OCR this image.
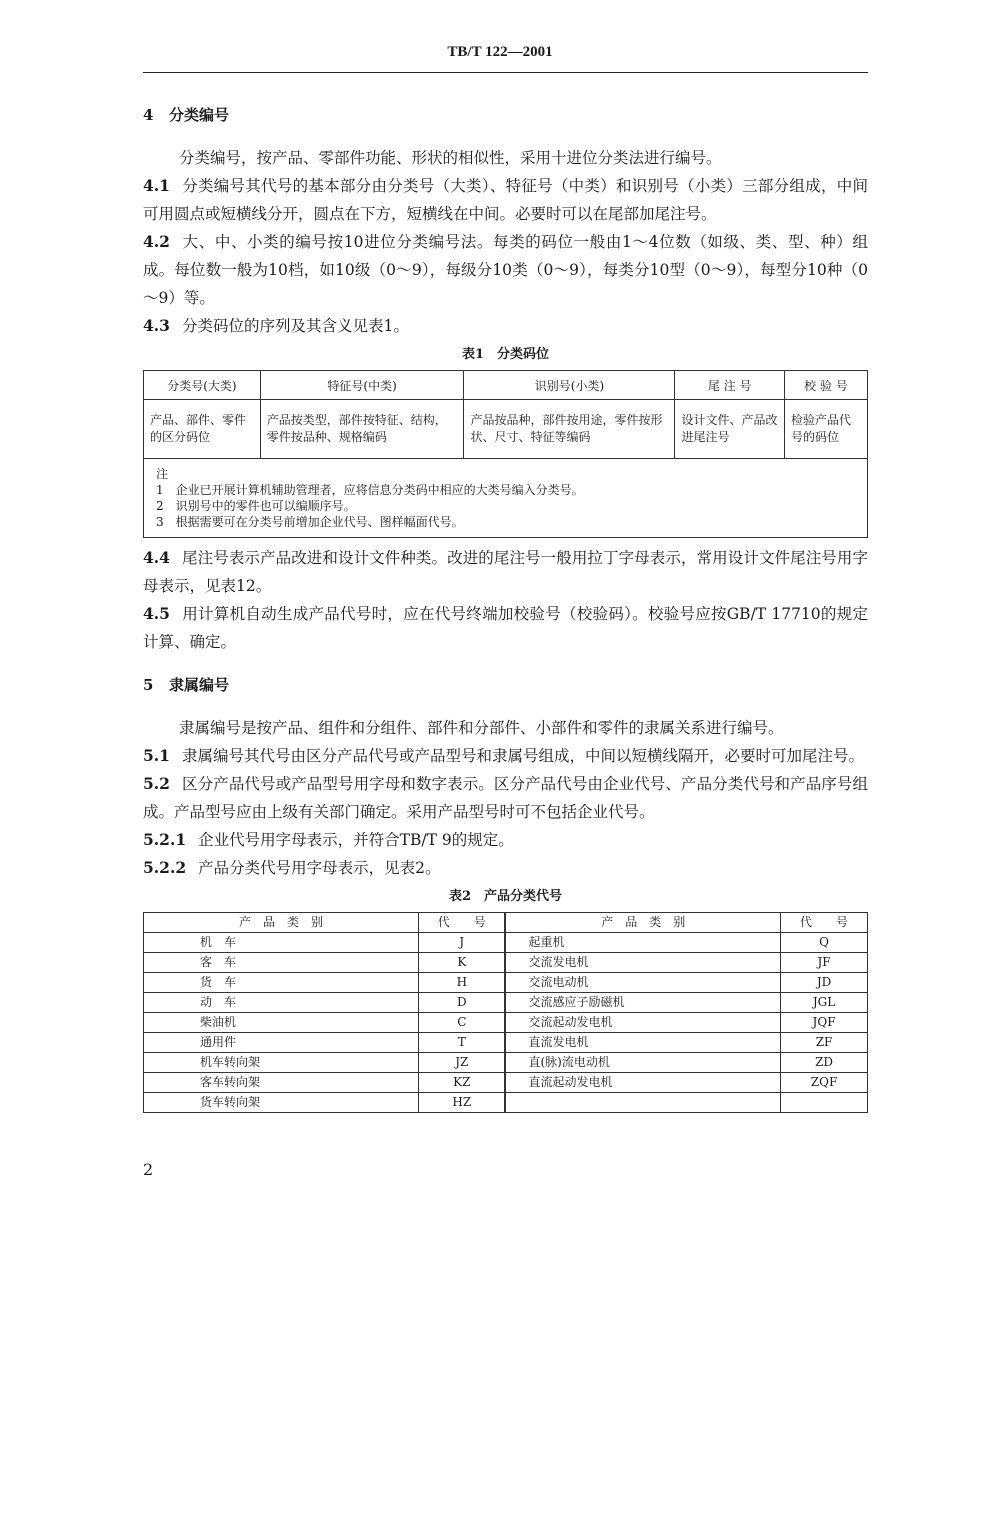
TB/T 122—2001
4 分类编号

分类编号，按产品、零部件功能、形状的相似性，采用十进位分类法进行编号。

4.1 分类编号其代号的基本部分由分类号（大类）、特征号（中类）和识别号（小类）三部分组成，中间可用圆点或短横线分开，圆点在下方，短横线在中间。必要时可以在尾部加尾注号。

4.2 大、中、小类的编号按10进位分类编号法。每类的码位一般由1～4位数（如级、类、型、种）组成。每位数一般为10档，如10级（0～9），每级分10类（0～9），每类分10型（0～9），每型分10种（0～9）等。

4.3 分类码位的序列及其含义见表1。

表1　分类码位
分类号(大类)	特征号(中类)	识别号(小类)	尾 注 号	校 验 号
产品、部件、零件的区分码位	产品按类型，部件按特征、结构，零件按品种、规格编码	产品按品种，部件按用途，零件按形状、尺寸、特征等编码	设计文件、产品改进尾注号	检验产品代号的码位

注
1　企业已开展计算机辅助管理者，应将信息分类码中相应的大类号编入分类号。
2　识别号中的零件也可以编顺序号。
3　根据需要可在分类号前增加企业代号、图样幅面代号。				

4.4 尾注号表示产品改进和设计文件种类。改进的尾注号一般用拉丁字母表示，常用设计文件尾注号用字母表示，见表12。

4.5 用计算机自动生成产品代号时，应在代号终端加校验号（校验码）。校验号应按GB/T 17710的规定计算、确定。

5 隶属编号

隶属编号是按产品、组件和分组件、部件和分部件、小部件和零件的隶属关系进行编号。

5.1 隶属编号其代号由区分产品代号或产品型号和隶属号组成，中间以短横线隔开，必要时可加尾注号。

5.2 区分产品代号或产品型号用字母和数字表示。区分产品代号由企业代号、产品分类代号和产品序号组成。产品型号应由上级有关部门确定。采用产品型号时可不包括企业代号。

5.2.1 企业代号用字母表示，并符合TB/T 9的规定。

5.2.2 产品分类代号用字母表示，见表2。

表2　产品分类代号
产　品　类　别	代　　号	产　品　类　别	代　　号
机　车	J	起重机	Q
客　车	K	交流发电机	JF
货　车	H	交流电动机	JD
动　车	D	交流感应子励磁机	JGL
柴油机	C	交流起动发电机	JQF
通用件	T	直流发电机	ZF
机车转向架	JZ	直(脉)流电动机	ZD
客车转向架	KZ	直流起动发电机	ZQF
货车转向架	HZ		
2
